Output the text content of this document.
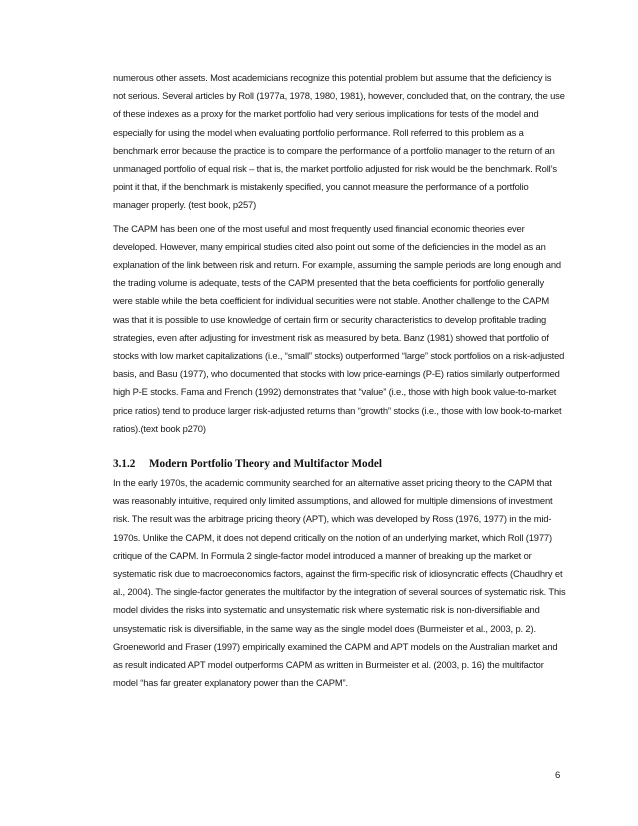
numerous other assets. Most academicians recognize this potential problem but assume that the deficiency is not serious. Several articles by Roll (1977a, 1978, 1980, 1981), however, concluded that, on the contrary, the use of these indexes as a proxy for the market portfolio had very serious implications for tests of the model and especially for using the model when evaluating portfolio performance. Roll referred to this problem as a benchmark error because the practice is to compare the performance of a portfolio manager to the return of an unmanaged portfolio of equal risk – that is, the market portfolio adjusted for risk would be the benchmark. Roll’s point it that, if the benchmark is mistakenly specified, you cannot measure the performance of a portfolio manager properly. (test book, p257)

The CAPM has been one of the most useful and most frequently used financial economic theories ever developed. However, many empirical studies cited also point out some of the deficiencies in the model as an explanation of the link between risk and return. For example, assuming the sample periods are long enough and the trading volume is adequate, tests of the CAPM presented that the beta coefficients for portfolio generally were stable while the beta coefficient for individual securities were not stable. Another challenge to the CAPM was that it is possible to use knowledge of certain firm or security characteristics to develop profitable trading strategies, even after adjusting for investment risk as measured by beta. Banz (1981) showed that portfolio of stocks with low market capitalizations (i.e., “small” stocks) outperformed “large” stock portfolios on a risk-adjusted basis, and Basu (1977), who documented that stocks with low price-earnings (P-E) ratios similarly outperformed high P-E stocks. Fama and French (1992) demonstrates that “value” (i.e., those with high book value-to-market price ratios) tend to produce larger risk-adjusted returns than “growth” stocks (i.e., those with low book-to-market ratios).(text book p270)

3.1.2 Modern Portfolio Theory and Multifactor Model

In the early 1970s, the academic community searched for an alternative asset pricing theory to the CAPM that was reasonably intuitive, required only limited assumptions, and allowed for multiple dimensions of investment risk. The result was the arbitrage pricing theory (APT), which was developed by Ross (1976, 1977) in the mid-1970s. Unlike the CAPM, it does not depend critically on the notion of an underlying market, which Roll (1977) critique of the CAPM. In Formula 2 single-factor model introduced a manner of breaking up the market or systematic risk due to macroeconomics factors, against the firm-specific risk of idiosyncratic effects (Chaudhry et al., 2004). The single-factor generates the multifactor by the integration of several sources of systematic risk. This model divides the risks into systematic and unsystematic risk where systematic risk is non-diversifiable and unsystematic risk is diversifiable, in the same way as the single model does (Burmeister et al., 2003, p. 2). Groeneworld and Fraser (1997) empirically examined the CAPM and APT models on the Australian market and as result indicated APT model outperforms CAPM as written in Burmeister et al. (2003, p. 16) the multifactor model “has far greater explanatory power than the CAPM”.

6
